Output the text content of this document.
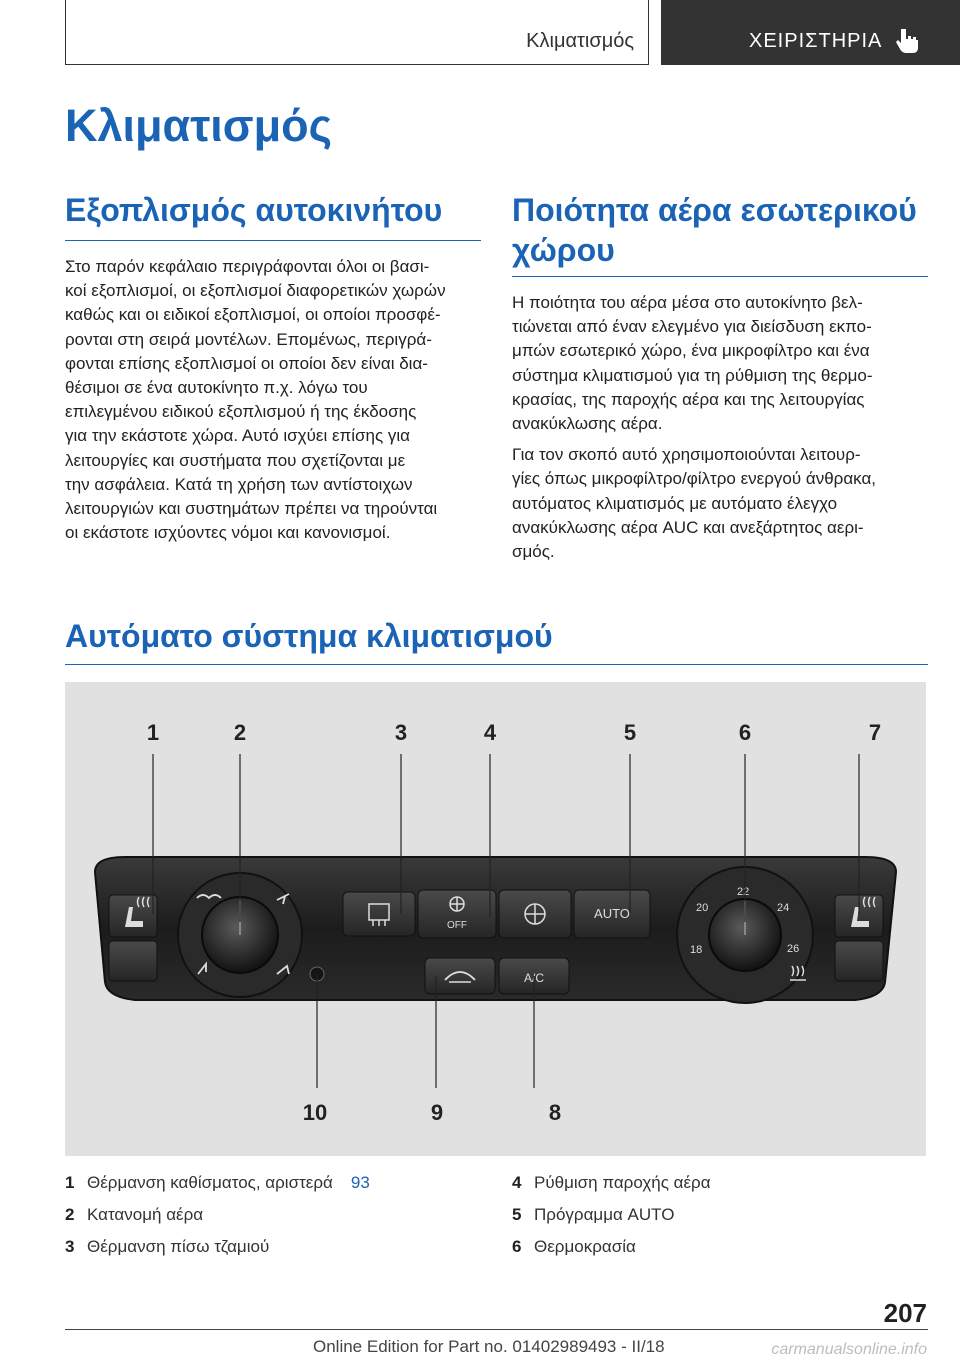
Κλιματισμός	ΧΕΙΡΙΣΤΗΡΙΑ
Κλιματισμός
Εξοπλισμός αυτοκινήτου

Στο παρόν κεφάλαιο περιγράφονται όλοι οι βασι‑
κοί εξοπλισμοί, οι εξοπλισμοί διαφορετικών χωρών
καθώς και οι ειδικοί εξοπλισμοί, οι οποίοι προσφέ‑
ρονται στη σειρά μοντέλων. Επομένως, περιγρά‑
φονται επίσης εξοπλισμοί οι οποίοι δεν είναι δια‑
θέσιμοι σε ένα αυτοκίνητο π.χ. λόγω του
επιλεγμένου ειδικού εξοπλισμού ή της έκδοσης
για την εκάστοτε χώρα. Αυτό ισχύει επίσης για
λειτουργίες και συστήματα που σχετίζονται με
την ασφάλεια. Κατά τη χρήση των αντίστοιχων
λειτουργιών και συστημάτων πρέπει να τηρούνται
οι εκάστοτε ισχύοντες νόμοι και κανονισμοί.

Ποιότητα αέρα εσωτερικού
χώρου

Η ποιότητα του αέρα μέσα στο αυτοκίνητο βελ‑
τιώνεται από έναν ελεγμένο για διείσδυση εκπο‑
μπών εσωτερικό χώρο, ένα μικροφίλτρο και ένα
σύστημα κλιματισμού για τη ρύθμιση της θερμο‑
κρασίας, της παροχής αέρα και της λειτουργίας
ανακύκλωσης αέρα.

Για τον σκοπό αυτό χρησιμοποιούνται λειτουρ‑
γίες όπως μικροφίλτρο/φίλτρο ενεργού άνθρακα,
αυτόματος κλιματισμός με αυτόματο έλεγχο
ανακύκλωσης αέρα AUC και ανεξάρτητος αερι‑
σμός.

Αυτόματο σύστημα κλιματισμού
OFF
AUTO
A/C
18
20
22
24
26
1	2	3	4	5	6	7
8
9
10
1 Θέρμανση καθίσματος, αριστερά 93
2 Κατανομή αέρα
3 Θέρμανση πίσω τζαμιού
4 Ρύθμιση παροχής αέρα
5 Πρόγραμμα AUTO
6 Θερμοκρασία
207
Online Edition for Part no. 01402989493 - II/18	carmanualsonline.info
